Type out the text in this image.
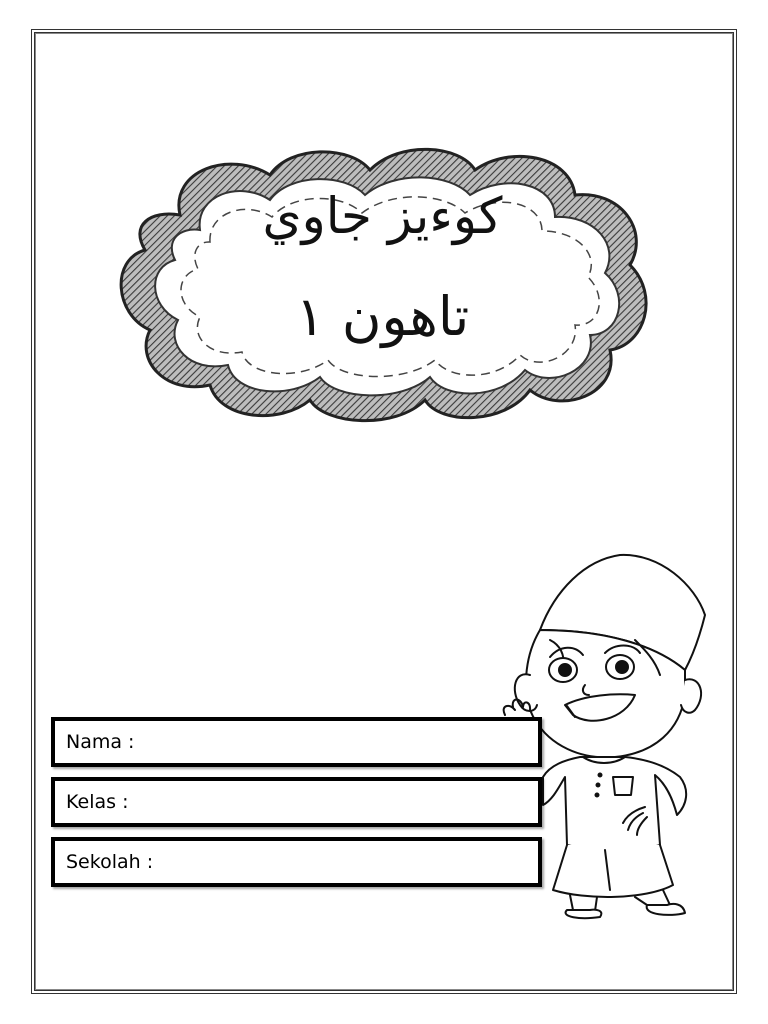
كوءيز جاوي
تاهون ١
Nama :
Kelas :
Sekolah :
